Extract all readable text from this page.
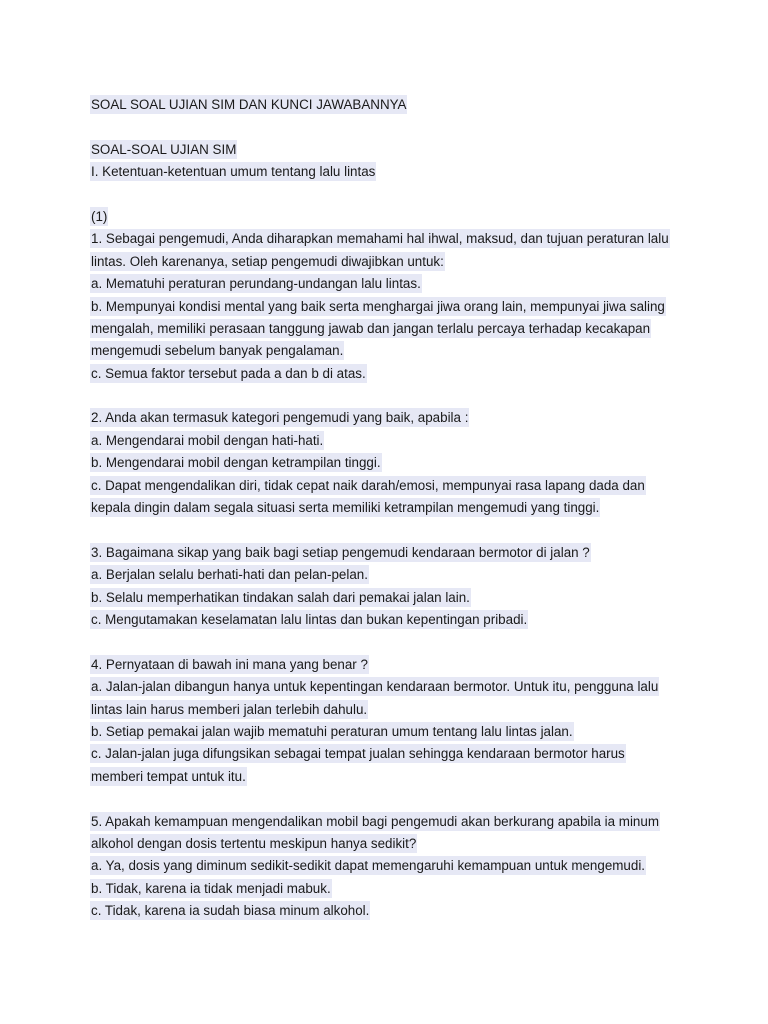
SOAL SOAL UJIAN SIM DAN KUNCI JAWABANNYA
SOAL-SOAL UJIAN SIM
I. Ketentuan-ketentuan umum tentang lalu lintas
(1)
1. Sebagai pengemudi, Anda diharapkan memahami hal ihwal, maksud, dan tujuan peraturan lalu
lintas. Oleh karenanya, setiap pengemudi diwajibkan untuk:
a. Mematuhi peraturan perundang-undangan lalu lintas.
b. Mempunyai kondisi mental yang baik serta menghargai jiwa orang lain, mempunyai jiwa saling
mengalah, memiliki perasaan tanggung jawab dan jangan terlalu percaya terhadap kecakapan
mengemudi sebelum banyak pengalaman.
c. Semua faktor tersebut pada a dan b di atas.
2. Anda akan termasuk kategori pengemudi yang baik, apabila :
a. Mengendarai mobil dengan hati-hati.
b. Mengendarai mobil dengan ketrampilan tinggi.
c. Dapat mengendalikan diri, tidak cepat naik darah/emosi, mempunyai rasa lapang dada dan
kepala dingin dalam segala situasi serta memiliki ketrampilan mengemudi yang tinggi.
3. Bagaimana sikap yang baik bagi setiap pengemudi kendaraan bermotor di jalan ?
a. Berjalan selalu berhati-hati dan pelan-pelan.
b. Selalu memperhatikan tindakan salah dari pemakai jalan lain.
c. Mengutamakan keselamatan lalu lintas dan bukan kepentingan pribadi.
4. Pernyataan di bawah ini mana yang benar ?
a. Jalan-jalan dibangun hanya untuk kepentingan kendaraan bermotor. Untuk itu, pengguna lalu
lintas lain harus memberi jalan terlebih dahulu.
b. Setiap pemakai jalan wajib mematuhi peraturan umum tentang lalu lintas jalan.
c. Jalan-jalan juga difungsikan sebagai tempat jualan sehingga kendaraan bermotor harus
memberi tempat untuk itu.
5. Apakah kemampuan mengendalikan mobil bagi pengemudi akan berkurang apabila ia minum
alkohol dengan dosis tertentu meskipun hanya sedikit?
a. Ya, dosis yang diminum sedikit-sedikit dapat memengaruhi kemampuan untuk mengemudi.
b. Tidak, karena ia tidak menjadi mabuk.
c. Tidak, karena ia sudah biasa minum alkohol.
